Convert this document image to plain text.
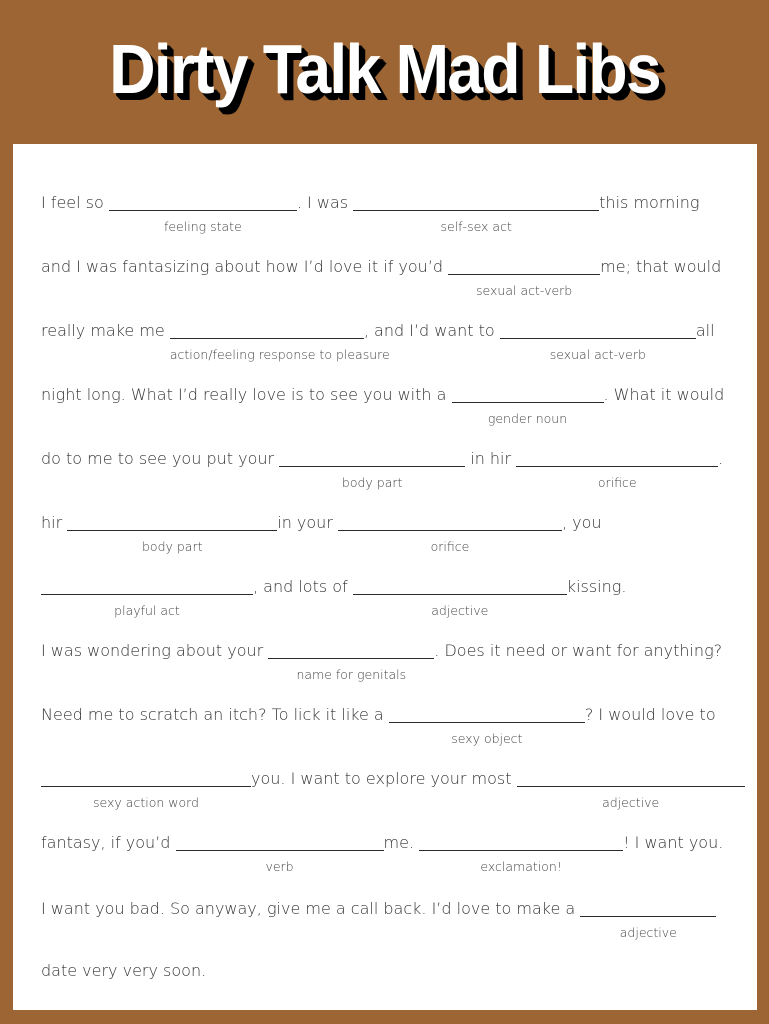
Dirty Talk Mad Libs
I feel so
feeling state
. I was
self-sex act
this morning
and I was fantasizing about how I’d love it if you’d
sexual act-verb
me; that would
really make me
action/feeling response to pleasure
, and I’d want to
sexual act-verb
all
night long. What I’d really love is to see you with a
gender noun
. What it would
do to me to see you put your
body part
in hir
orifice
.
hir
body part
in your
orifice
, you
playful act
, and lots of
adjective
kissing.
I was wondering about your
name for genitals
. Does it need or want for anything?
Need me to scratch an itch? To lick it like a
sexy object
? I would love to
sexy action word
you. I want to explore your most
adjective
fantasy, if you’d
verb
me.
exclamation!
! I want you.
I want you bad. So anyway, give me a call back. I’d love to make a
adjective
date very very soon.
